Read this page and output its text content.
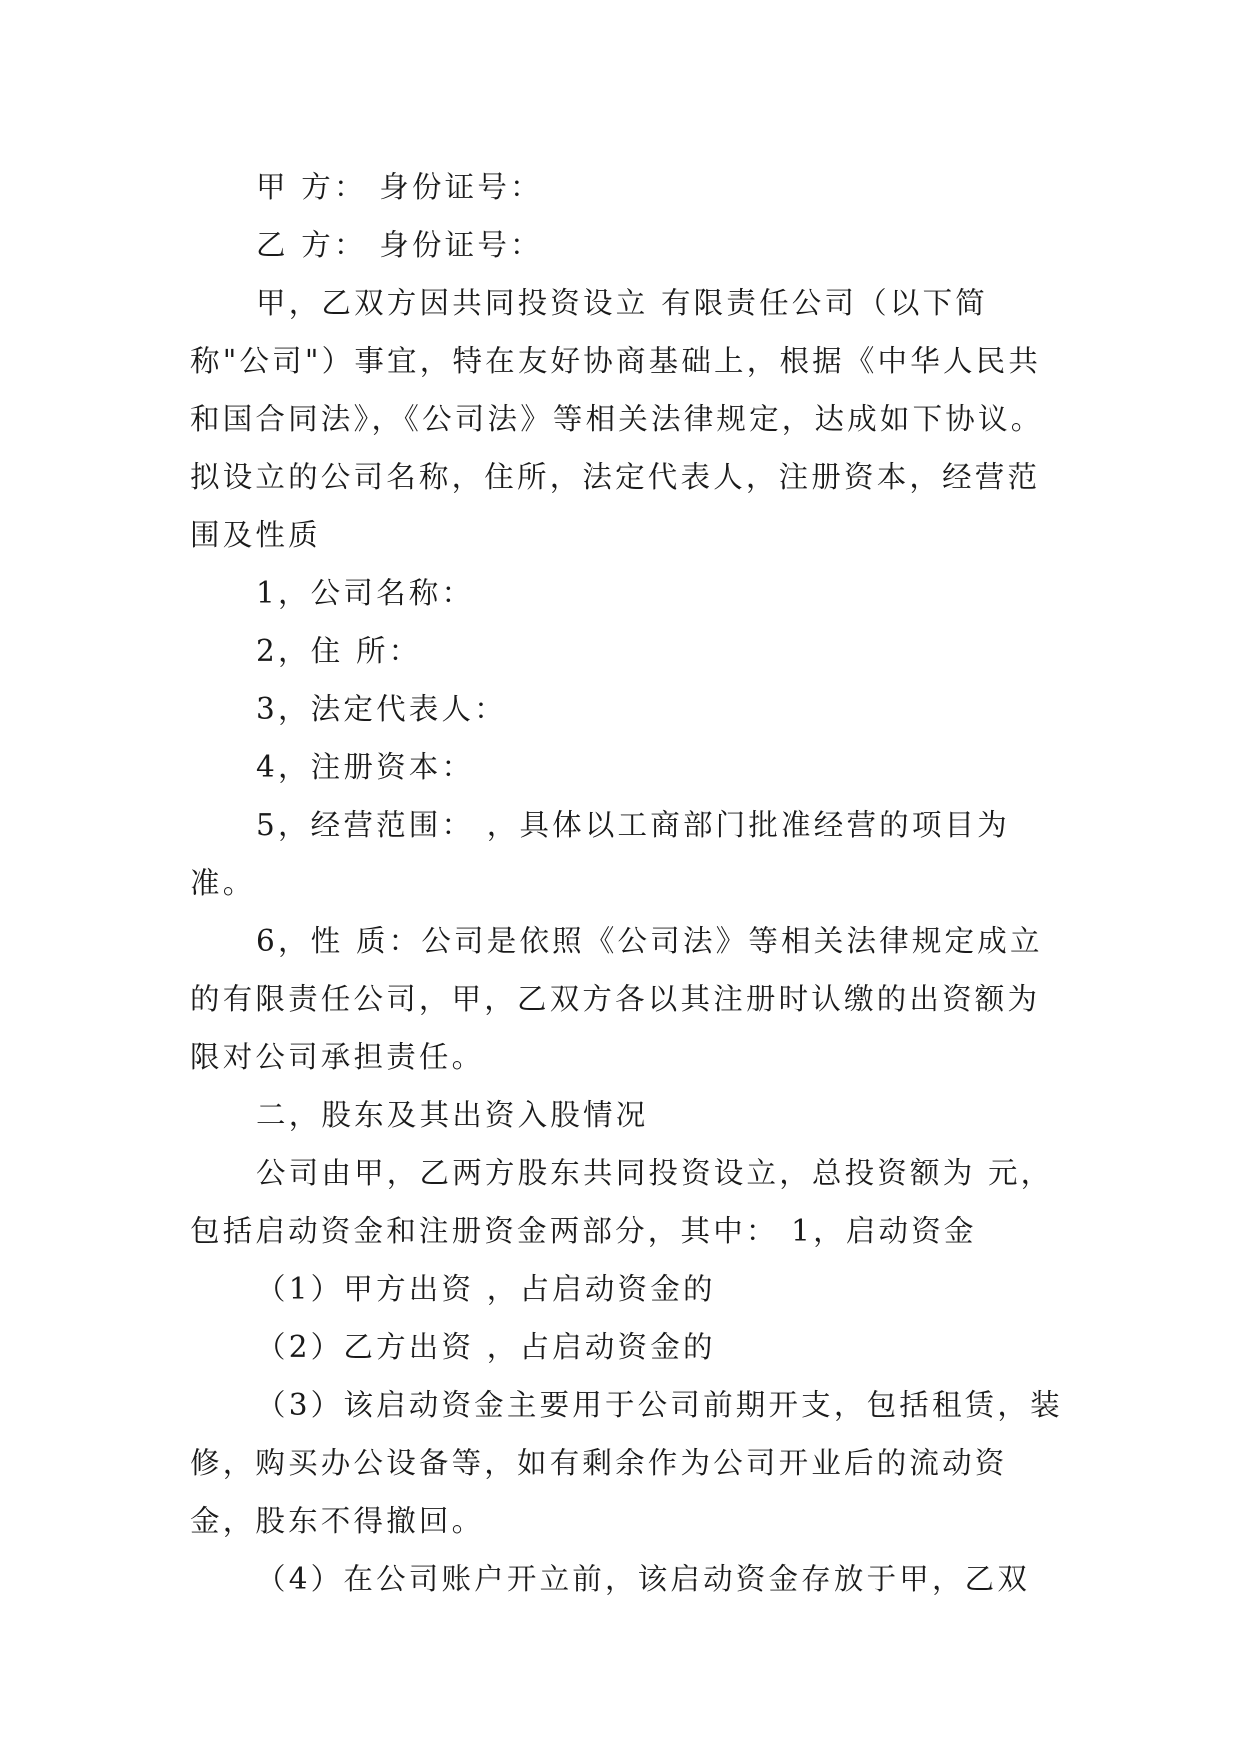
甲 方： 身份证号：

乙 方： 身份证号：

甲，乙双方因共同投资设立 有限责任公司（以下简称"公司"）事宜，特在友好协商基础上，根据《中华人民共和国合同法》，《公司法》等相关法律规定，达成如下协议。拟设立的公司名称，住所，法定代表人，注册资本，经营范围及性质

1，公司名称：

2，住 所：

3，法定代表人：

4，注册资本：

5，经营范围： ，具体以工商部门批准经营的项目为准。

6，性 质：公司是依照《公司法》等相关法律规定成立的有限责任公司，甲，乙双方各以其注册时认缴的出资额为限对公司承担责任。

二，股东及其出资入股情况

公司由甲，乙两方股东共同投资设立，总投资额为 元，包括启动资金和注册资金两部分，其中： 1，启动资金

（1）甲方出资 ，占启动资金的

（2）乙方出资 ，占启动资金的

（3）该启动资金主要用于公司前期开支，包括租赁，装修，购买办公设备等，如有剩余作为公司开业后的流动资金，股东不得撤回。

（4）在公司账户开立前，该启动资金存放于甲，乙双
